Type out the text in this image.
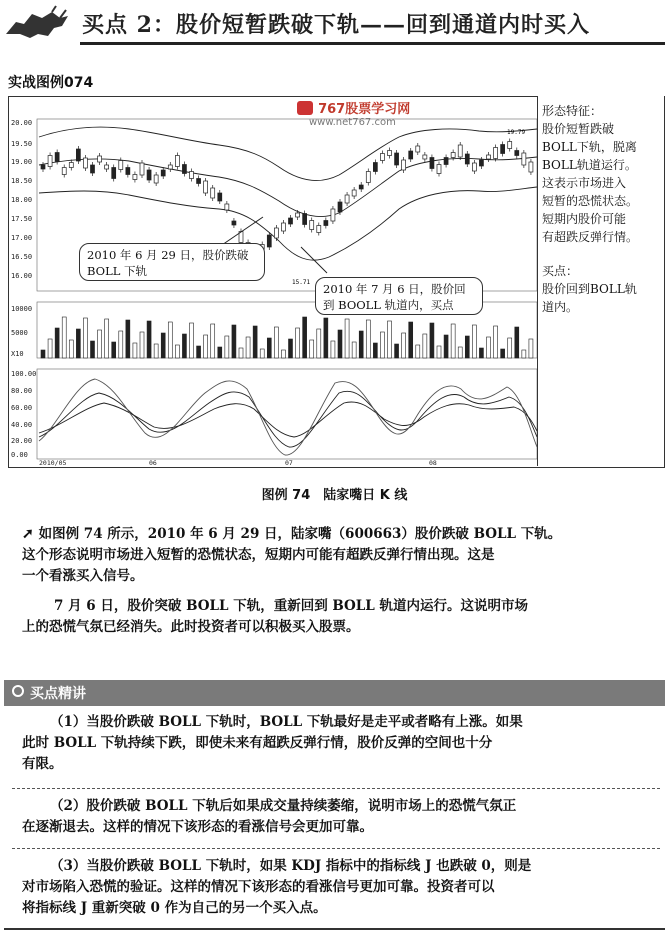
买点 2：股价短暂跌破下轨——回到通道内时买入
实战图例074
20.00
19.50
19.00
18.50
18.00
17.50
17.00
16.50
16.00
15.71
19.79
10000
5000
X10
100.00
80.00
60.00
40.00
20.00
0.00
2010/05	06	07	08
767股票学习网
www.net767.com
2010 年 6 月 29 日，股价跌破
BOLL 下轨
2010 年 7 月 6 日，股价回
到 BOOLL 轨道内，买点
形态特征：
股价短暂跌破
BOLL下轨，脱离
BOLL轨道运行。
这表示市场进入
短暂的恐慌状态。
短期内股价可能
有超跌反弹行情。
买点：
股价回到BOLL轨
道内。
图例 74　陆家嘴日 K 线
➚ 如图例 74 所示，2010 年 6 月 29 日，陆家嘴（600663）股价跌破 BOLL 下轨。
这个形态说明市场进入短暂的恐慌状态，短期内可能有超跌反弹行情出现。这是
一个看涨买入信号。
7 月 6 日，股价突破 BOLL 下轨，重新回到 BOLL 轨道内运行。这说明市场
上的恐慌气氛已经消失。此时投资者可以积极买入股票。
买点精讲
（1）当股价跌破 BOLL 下轨时，BOLL 下轨最好是走平或者略有上涨。如果
此时 BOLL 下轨持续下跌，即使未来有超跌反弹行情，股价反弹的空间也十分
有限。
（2）股价跌破 BOLL 下轨后如果成交量持续萎缩，说明市场上的恐慌气氛正
在逐渐退去。这样的情况下该形态的看涨信号会更加可靠。
（3）当股价跌破 BOLL 下轨时，如果 KDJ 指标中的指标线 J 也跌破 0，则是
对市场陷入恐慌的验证。这样的情况下该形态的看涨信号更加可靠。投资者可以
将指标线 J 重新突破 0 作为自己的另一个买入点。
